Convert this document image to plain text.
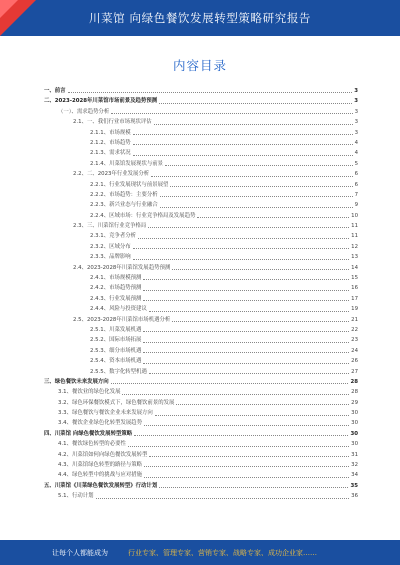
川菜馆 向绿色餐饮发展转型策略研究报告
内容目录
一、前言	3
二、2023-2028年川菜馆市场前景及趋势预测	3
（一）、需求趋势分析	3
2.1、一、我们行业市场现状评估	3
2.1.1、市场规模	3
2.1.2、市场趋势	4
2.1.3、需求状况	4
2.1.4、川菜馆发展现状与前景	5
2.2、二、2023年行业发展分析	6
2.2.1、行业发展现状与前景展望	6
2.2.2、市场趋势：主要分析	7
2.2.3、新兴业态与行业融合	9
2.2.4、区域市场：行业竞争格局及发展趋势	10
2.3、三、川菜馆行业竞争格局	11
2.3.1、竞争者分析	11
2.3.2、区域分布	12
2.3.3、品牌影响	13
2.4、2023-2028年川菜馆发展趋势预测	14
2.4.1、市场规模预测	15
2.4.2、市场趋势预测	16
2.4.3、行业发展预测	17
2.4.4、风险与投资建议	19
2.5、2023-2028年川菜馆市场机遇分析	21
2.5.1、川菜发展机遇	22
2.5.2、国际市场拓展	23
2.5.3、细分市场机遇	24
2.5.4、资本市场机遇	26
2.5.5、数字化转型机遇	27
三、绿色餐饮未来发展方向	28
3.1、餐饮业的绿色化发展	28
3.2、绿色环保餐饮模式下，绿色餐饮前景的发展	29
3.3、绿色餐饮与餐饮企业未来发展方向	30
3.4、餐饮企业绿色化转型发展趋势	30
四、川菜馆 向绿色餐饮发展转型策略	30
4.1、餐饮绿色转型的必要性	30
4.2、川菜馆如何向绿色餐饮发展转型	31
4.3、川菜馆绿色转型的路径与策略	32
4.4、绿色转型中的挑战与应对措施	34
五、川菜馆《川菜绿色餐饮发展转型》行动计划	35
5.1、行动计划	36
让每个人都能成为	行业专家、管理专家、营销专家、战略专家、成功企业家……
